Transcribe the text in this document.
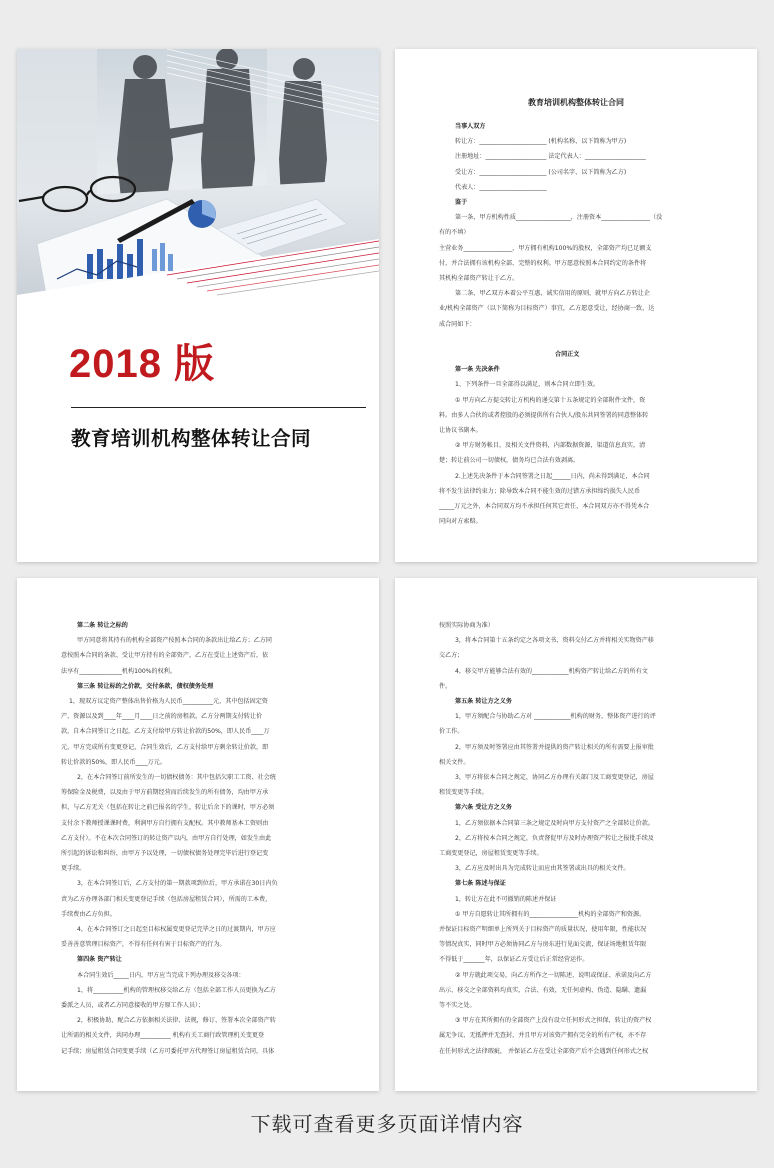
2018 版
教育培训机构整体转让合同
教育培训机构整体转让合同
当事人双方
转让方：______________________ (机构名称、以下简称为甲方)
注册地址：____________________ 法定代表人：____________________
受让方：______________________ (公司名字、以下简称为乙方)
代表人：______________________
鉴于
第一条、甲方机构性质__________________，注册资本________________（没
有的不填）
主营业务________________，甲方拥有机构100%的股权，全部资产均已足额支
付，并合法拥有该机构全部、完整的权利。甲方愿意按照本合同约定的条件将
其机构全部资产转让于乙方。
第二条、甲乙双方本着公平互惠、诚实信用的原则，就甲方向乙方转让企
业/机构全部资产（以下简称为目标资产）事宜，乙方愿意受让，经协商一致，达
成合同如下：
合同正文
第一条 先决条件
1、下列条件一旦全部得以满足，则本合同立即生效。
① 甲方向乙方提交转让方机构的递交第十五条规定的全部附件文件，资
料。由多人合伙的或者控股的必须提供所有合伙人/股东共同签署的同意整体转
让协议书副本。
② 甲方财务帐目，及相关文件资料，内部数据资源，渠道信息真实，清
楚；转让前公司一切债权，债务均已合法有效剥离。
2.上述先决条件于本合同签署之日起______日内，尚未得到满足，本合同
将不发生法律约束力；除导致本合同不能生效的过错方承担缔约损失人民币
_____万元之外，本合同双方均不承担任何其它责任，本合同双方亦不得凭本合
同向对方索赔。
第二条 转让之标的
甲方同意将其持有的机构全部资产按照本合同的条款出让给乙方；乙方同
意按照本合同的条款、受让甲方持有的全部资产，乙方在受让上述资产后，依
法享有______________机构100%的权利。
第三条 转让标的之价款，交付条款，债权债务处理
1，现双方议定资产整体出售价格为人民币__________元，其中包括固定资
产、资源以及到____年____月____日之前的房租款。乙方分两期支付转让价
款，自本合同签订之日起，乙方支付给甲方转让价款的50%，即人民币____万
元，甲方完成所有变更登记，合同生效后，乙方支付给甲方剩余转让价款，即
转让价款的50%，即人民币____万元。
2，在本合同签订前所发生的一切债权债务：其中包括欠职工工资、社会统
筹保险金及税费，以及由于甲方前期经营而后续发生的所有债务，均由甲方承
担，与乙方无关（包括在转让之前已报名的学生，转让后余下的课时，甲方必须
支付余下教师授课课时费，利润甲方自行拥有支配权。其中教师基本工资则由
乙方支付）。不在本次合同签订的转让资产以内，由甲方自行处理，如发生由此
所引起的诉讼和纠纷，由甲方予以处理，一切债权债务处理完毕后进行登记变
更手续。
3，在本合同签订后，乙方支付的第一期款项到位后，甲方承诺在30日内负
责为乙方办理各部门相关变更登记手续（包括房屋租赁合同），所需的工本费，
手续费由乙方负担。
4，在本合同签订之日起至目标权属变更登记完毕之日的过渡期内，甲方应
妥善善意管理目标资产，不得有任何有害于目标资产的行为。
第四条 资产转让
本合同生效后_____日内，甲方应当完成下列办理及移交各项：
1，将__________机构的管理权移交给乙方（包括全部工作人员更换为乙方
委派之人员，或者乙方同意接收的甲方原工作人员）；
2，积极协助、配合乙方依据相关法律、法规，修订、签署本次全部资产转
让所需的相关文件，共同办理__________ 机构有关工商行政管理机关变更登
记手续；房屋租赁合同变更手续（乙方可委托甲方代理签订房屋租赁合同，具体
按照实际协商为准）
3，将本合同第十五条约定之各项文书、资料交付乙方并将相关实物资产移
交乙方；
4，移交甲方能够合法有效的____________机构资产转让给乙方的所有文
件。
第五条 转让方之义务
1，甲方须配合与协助乙方对 ____________机构的财务，整体资产进行的评
价工作。
2，甲方须及时签署应由其签署并提供的资产转让相关的所有需要上报审批
相关文件。
3，甲方将依本合同之规定，协同乙方办理有关部门及工商变更登记，房屋
租赁变更等手续。
第六条 受让方之义务
1，乙方须依据本合同第三条之规定及时向甲方支付资产之全部转让价款。
2，乙方将按本合同之规定，负责督促甲方及时办理资产转让之报批手续及
工商变更登记，房屋租赁变更等手续。
3，乙方应及时出具为完成转让而应由其签署或出具的相关文件。
第七条 陈述与保证
1，转让方在此不可撤销的陈述并保证
① 甲方自愿转让其所拥有的________________机构的全部资产和资源。
并保证目标资产明细单上所列关于目标资产的质量状况，使用年限，性能状况
等情况真实，同时甲方必须协同乙方与房东进行见面交流，保证场地租赁年限
不得低于_______年，以保证乙方受让后正常经营运作。
② 甲方就此项交易，向乙方所作之一切陈述、说明或保证、承诺及向乙方
出示、移交之全部资料均真实、合法、有效，无任何虚构、伪造、隐瞒、遗漏
等不实之处。
③ 甲方在其所拥有的全部资产上没有设立任何形式之担保，转让的资产权
属无争议、无抵押并无查封，并且甲方对该资产拥有完全的所有产权，亦不存
在任何形式之法律瑕疵， 并保证乙方在受让全部资产后不会遇到任何形式之权
下载可查看更多页面详情内容
